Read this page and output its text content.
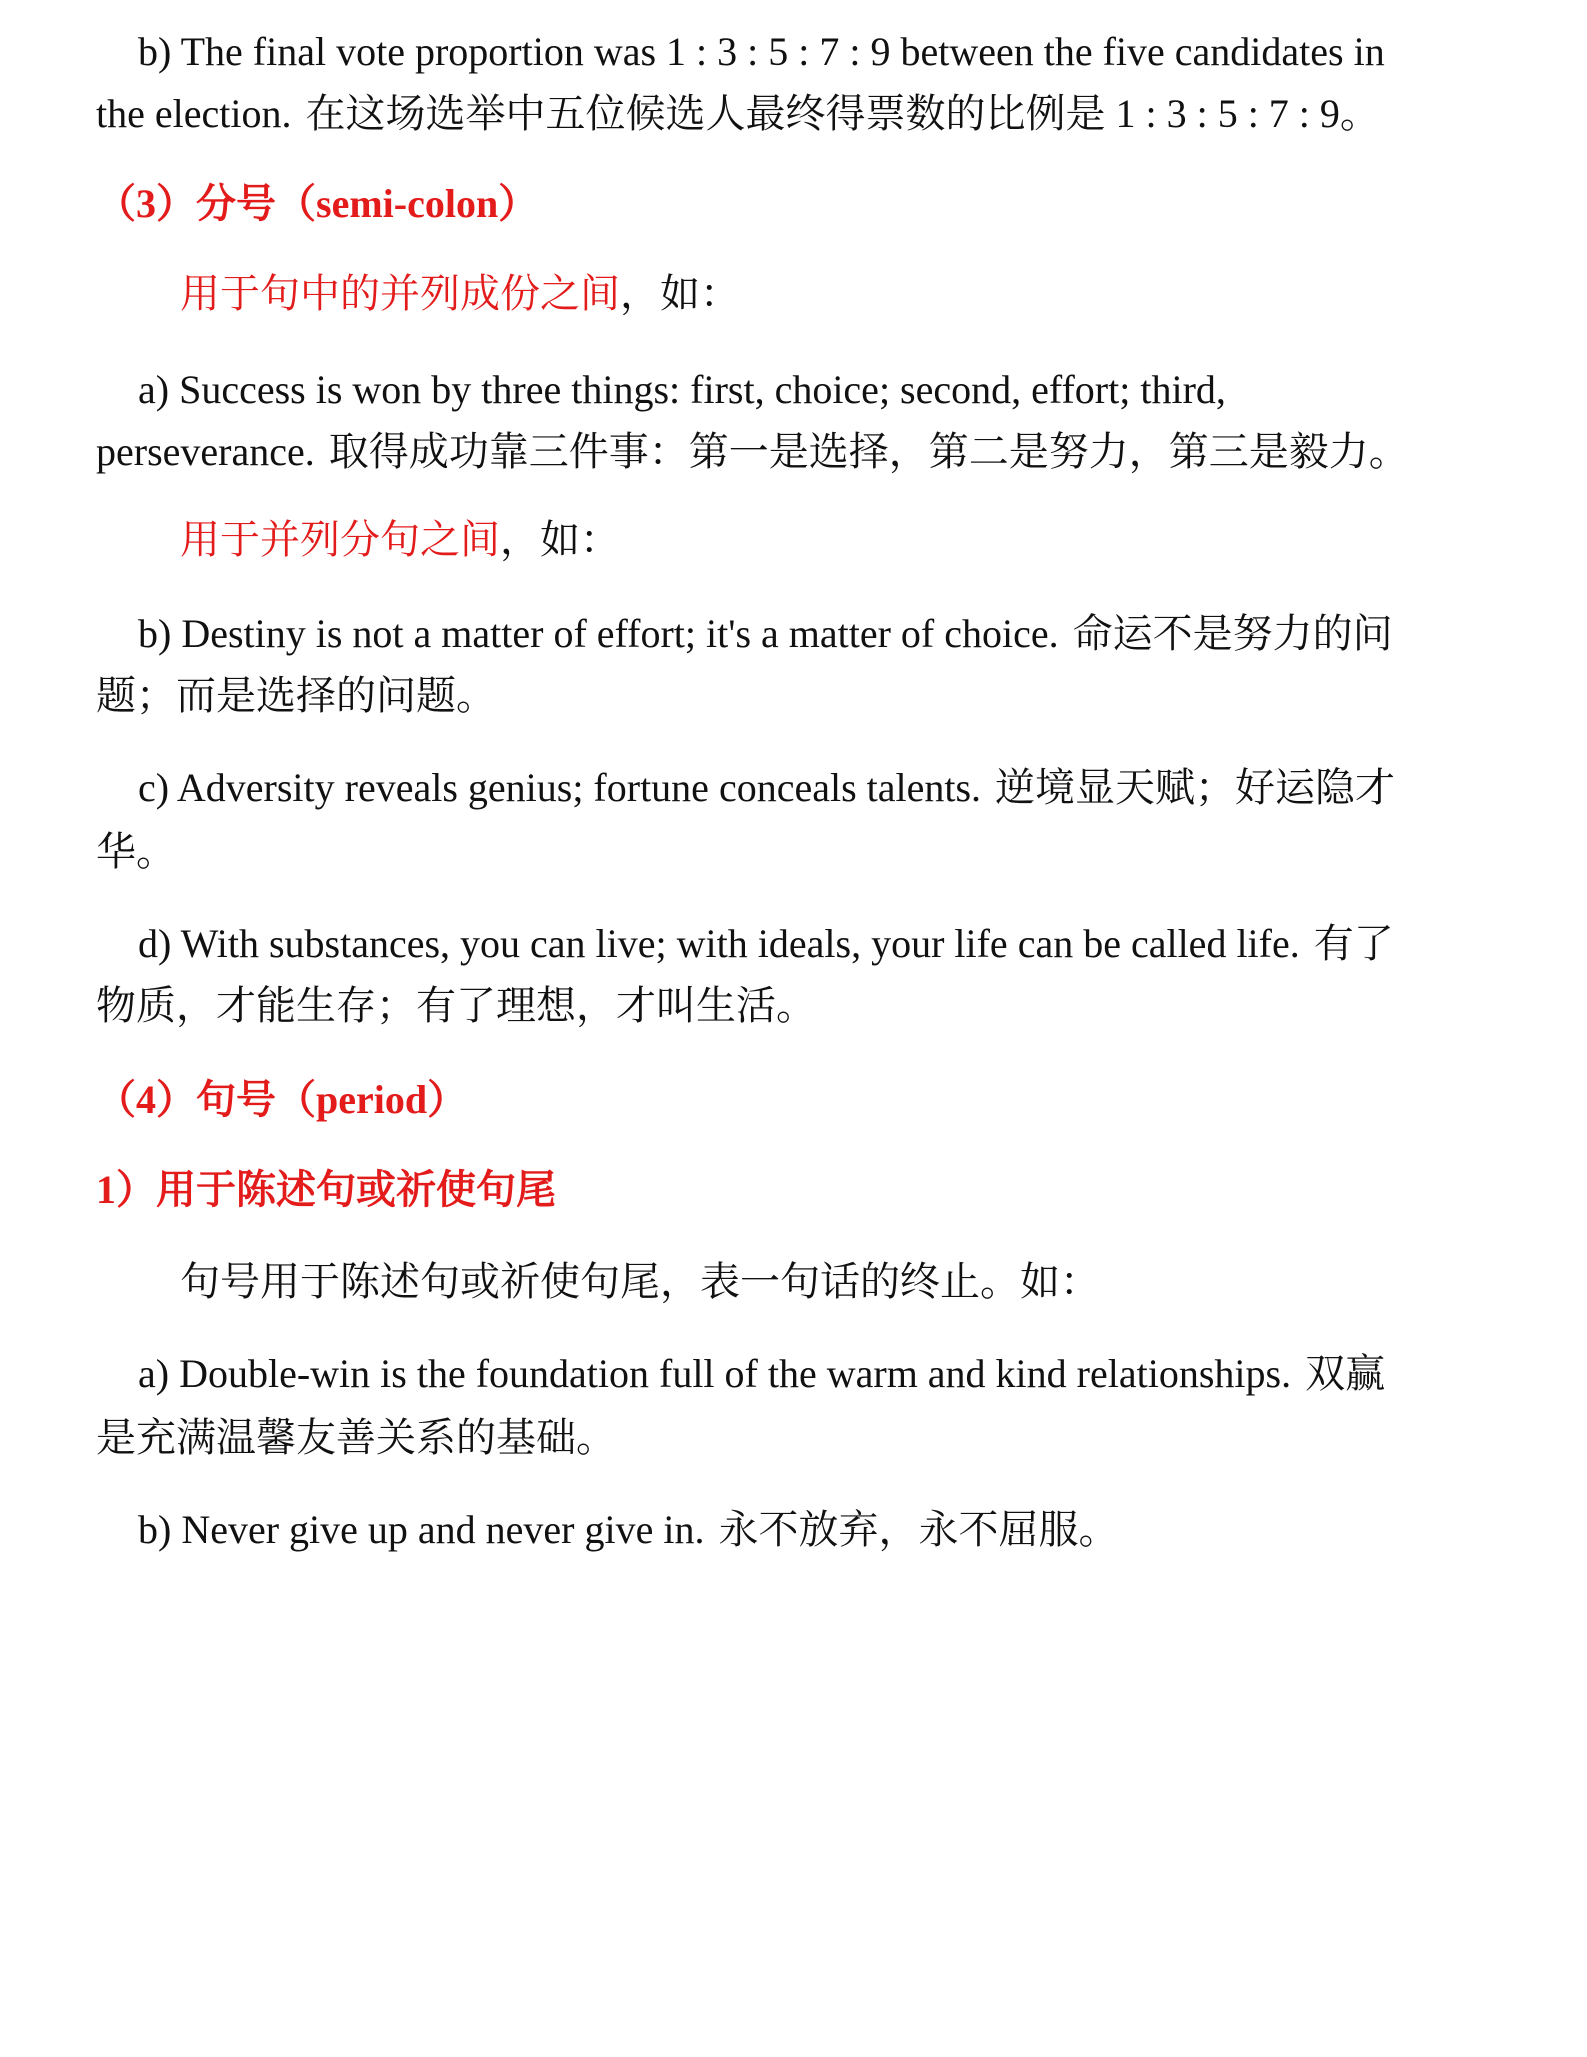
b) The final vote proportion was 1 : 3 : 5 : 7 : 9 between the five candidates in
the election. 在这场选举中五位候选人最终得票数的比例是 1 : 3 : 5 : 7 : 9。
（3）分号（semi-colon）
用于句中的并列成份之间，如：
a) Success is won by three things: first, choice; second, effort; third,
perseverance. 取得成功靠三件事：第一是选择，第二是努力，第三是毅力。
用于并列分句之间，如：
b) Destiny is not a matter of effort; it's a matter of choice. 命运不是努力的问
题；而是选择的问题。
c) Adversity reveals genius; fortune conceals talents. 逆境显天赋；好运隐才
华。
d) With substances, you can live; with ideals, your life can be called life. 有了
物质，才能生存；有了理想，才叫生活。
（4）句号（period）
1）用于陈述句或祈使句尾
句号用于陈述句或祈使句尾，表一句话的终止。如：
a) Double-win is the foundation full of the warm and kind relationships. 双赢
是充满温馨友善关系的基础。
b) Never give up and never give in. 永不放弃，永不屈服。
